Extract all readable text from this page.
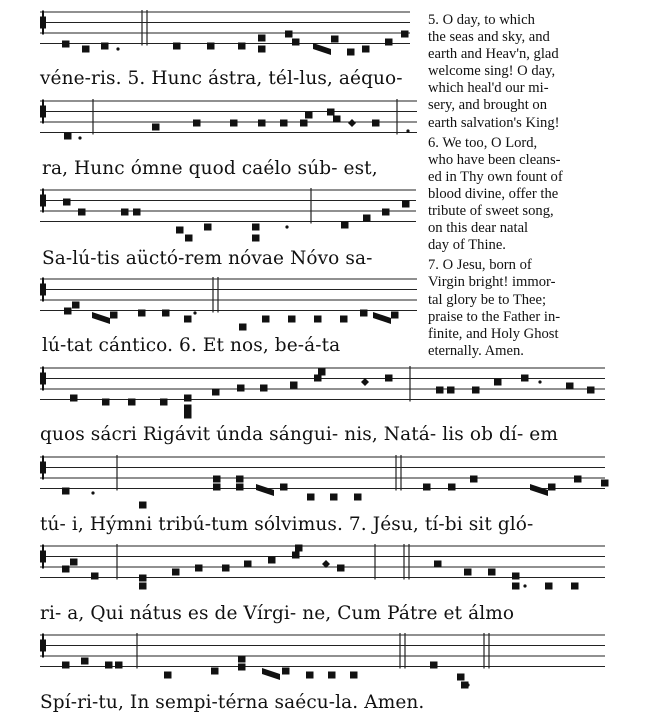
véne-ris. 5. Hunc ástra, tél-lus, aéquo-
ra, Hunc ómne quod caélo súb- est,
Sa-lú-tis aüctó-rem nóvae Nóvo sa-
lú-tat cántico. 6. Et nos, be-á-ta
quos sácri Rigávit únda sángui- nis, Natá- lis ob dí- em
tú- i, Hýmni tribú-tum sólvimus. 7. Jésu, tí-bi sit gló-
ri- a, Qui nátus es de Vírgi- ne, Cum Pátre et álmo
Spí-ri-tu, In sempi-térna saécu-la. Amen.

5. O day, to which
the seas and sky, and
earth and Heav'n, glad
welcome sing! O day,
which heal'd our mi-
sery, and brought on
earth salvation's King!

6. We too, O Lord,
who have been cleans-
ed in Thy own fount of
blood divine, offer the
tribute of sweet song,
on this dear natal
day of Thine.

7. O Jesu, born of
Virgin bright! immor-
tal glory be to Thee;
praise to the Father in-
finite, and Holy Ghost
eternally. Amen.
